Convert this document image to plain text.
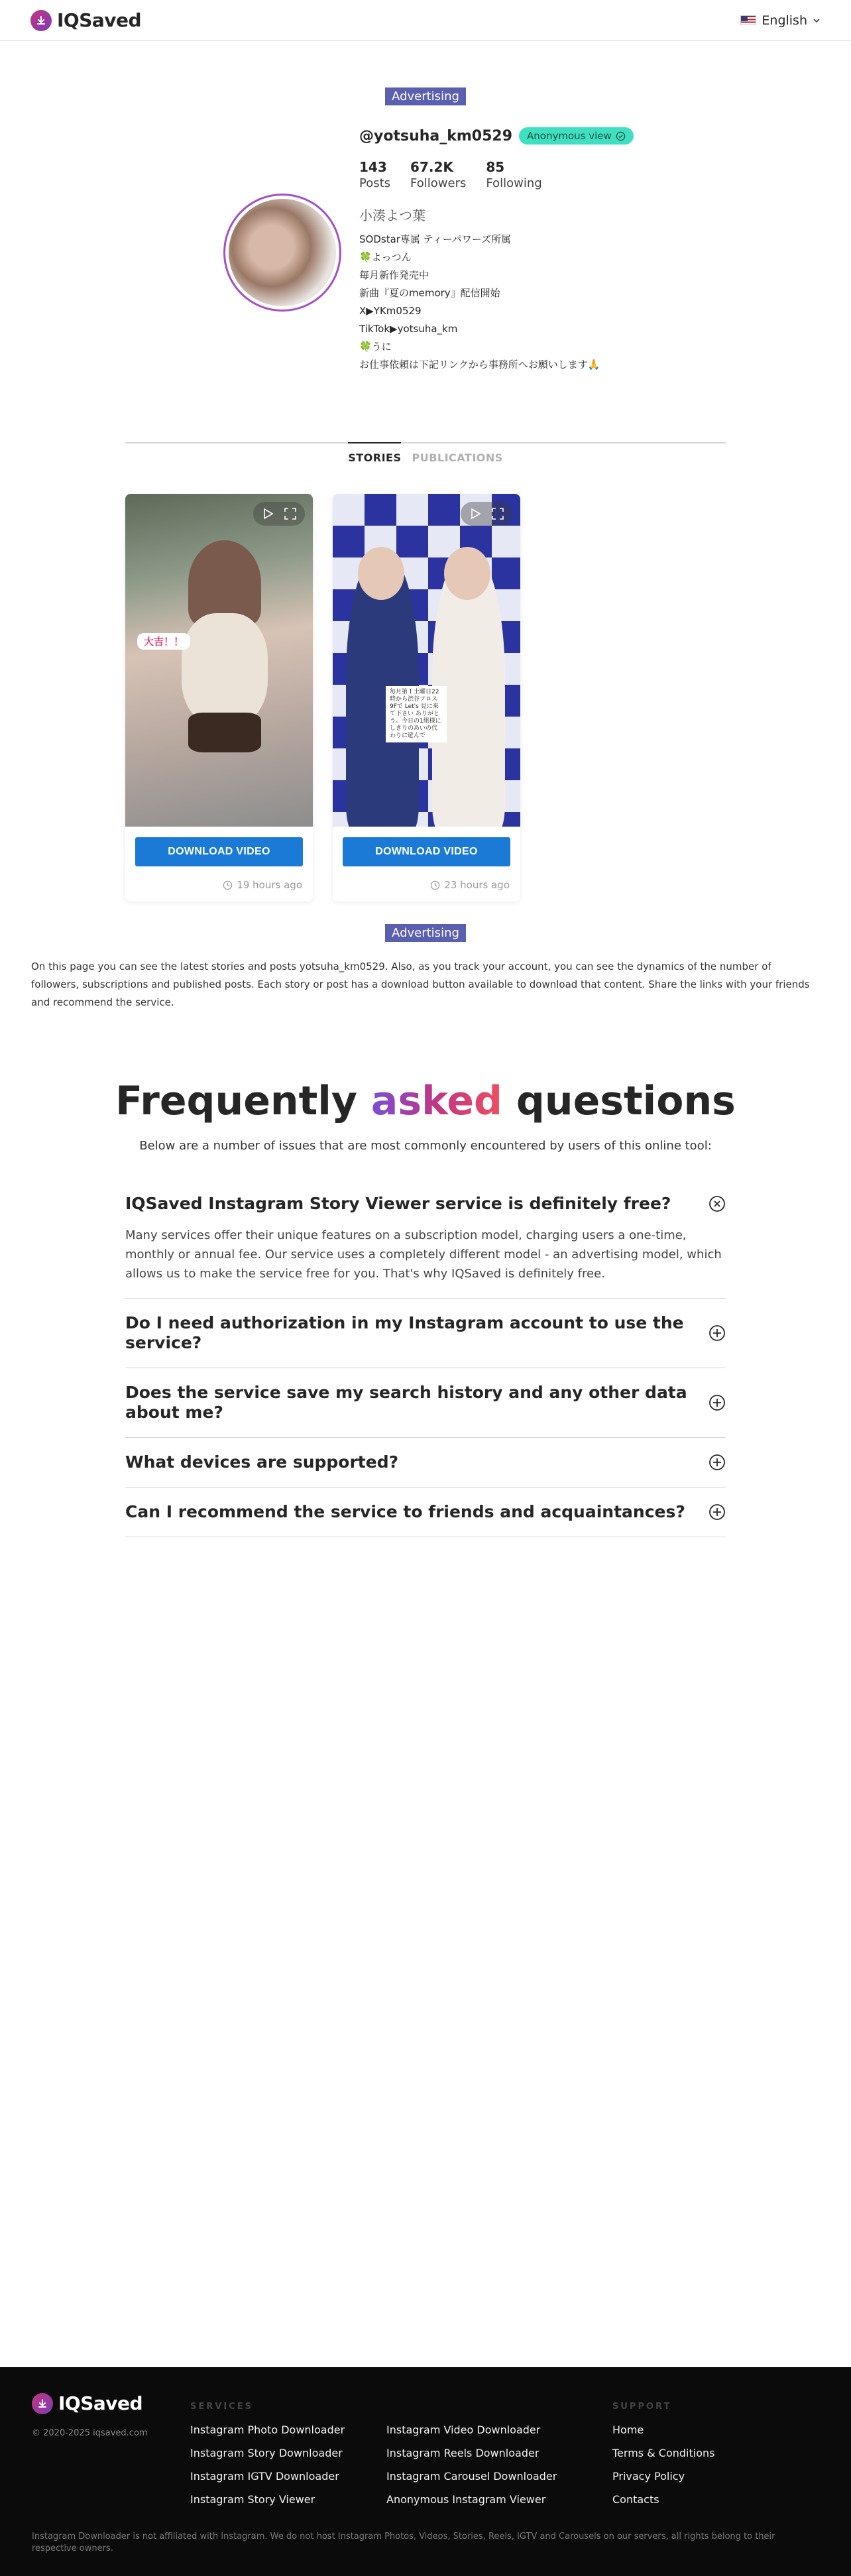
IQSaved	English
Advertising
@yotsuha_km0529 Anonymous view
143
Posts
67.2K
Followers
85
Following
小湊よつ葉
SODstar専属 ティーパワーズ所属
🍀よっつん
毎月新作発売中
新曲『夏のmemory』配信開始
X▶YKm0529
TikTok▶yotsuha_km
🍀うに
お仕事依頼は下記リンクから事務所へお願いします🙏
STORIES PUBLICATIONS
大吉！！
DOWNLOAD VIDEO
19 hours ago
毎月第１土曜日22時から渋谷フロス9Fで Let's 見に来て下さい ありがとう。今日の1組様にしきりのあいの代わりに遊んで
DOWNLOAD VIDEO
23 hours ago
Advertising

On this page you can see the latest stories and posts yotsuha_km0529. Also, as you track your account, you can see the dynamics of the number of followers, subscriptions and published posts. Each story or post has a download button available to download that content. Share the links with your friends and recommend the service.

Frequently asked questions

Below are a number of issues that are most commonly encountered by users of this online tool:

IQSaved Instagram Story Viewer service is definitely free?

Many services offer their unique features on a subscription model, charging users a one-time, monthly or annual fee. Our service uses a completely different model - an advertising model, which allows us to make the service free for you. That's why IQSaved is definitely free.

Do I need authorization in my Instagram account to use the service?
Does the service save my search history and any other data about me?
What devices are supported?
Can I recommend the service to friends and acquaintances?
IQSaved
© 2020-2025 iqsaved.com
SERVICES
Instagram Photo Downloader
Instagram Story Downloader
Instagram IGTV Downloader
Instagram Story Viewer
Instagram Video Downloader
Instagram Reels Downloader
Instagram Carousel Downloader
Anonymous Instagram Viewer
SUPPORT
Home
Terms & Conditions
Privacy Policy
Contacts
Instagram Downloader is not affiliated with Instagram. We do not host Instagram Photos, Videos, Stories, Reels, IGTV and Carousels on our servers, all rights belong to their respective owners.
